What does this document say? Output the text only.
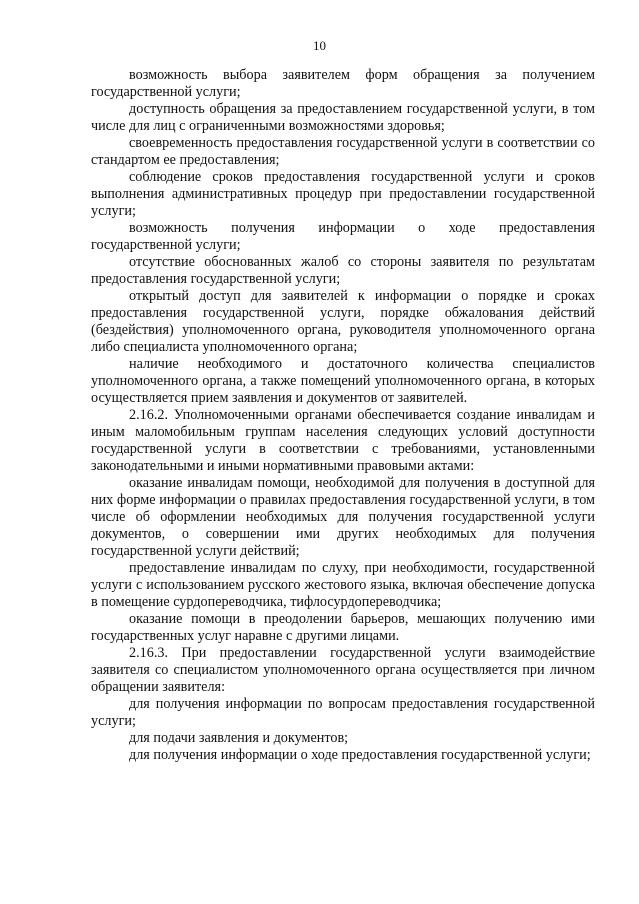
10

возможность выбора заявителем форм обращения за получением государственной услуги;

доступность обращения за предоставлением государственной услуги, в том числе для лиц с ограниченными возможностями здоровья;

своевременность предоставления государственной услуги в соответствии со стандартом ее предоставления;

соблюдение сроков предоставления государственной услуги и сроков выполнения административных процедур при предоставлении государственной услуги;

возможность получения информации о ходе предоставления государственной услуги;

отсутствие обоснованных жалоб со стороны заявителя по результатам предоставления государственной услуги;

открытый доступ для заявителей к информации о порядке и сроках предоставления государственной услуги, порядке обжалования действий (бездействия) уполномоченного органа, руководителя уполномоченного органа либо специалиста уполномоченного органа;

наличие необходимого и достаточного количества специалистов уполномоченного органа, а также помещений уполномоченного органа, в которых осуществляется прием заявления и документов от заявителей.

2.16.2. Уполномоченными органами обеспечивается создание инвалидам и иным маломобильным группам населения следующих условий доступности государственной услуги в соответствии с требованиями, установленными законодательными и иными нормативными правовыми актами:

оказание инвалидам помощи, необходимой для получения в доступной для них форме информации о правилах предоставления государственной услуги, в том числе об оформлении необходимых для получения государственной услуги документов, о совершении ими других необходимых для получения государственной услуги действий;

предоставление инвалидам по слуху, при необходимости, государственной услуги с использованием русского жестового языка, включая обеспечение допуска в помещение сурдопереводчика, тифлосурдопереводчика;

оказание помощи в преодолении барьеров, мешающих получению ими государственных услуг наравне с другими лицами.

2.16.3. При предоставлении государственной услуги взаимодействие заявителя со специалистом уполномоченного органа осуществляется при личном обращении заявителя:

для получения информации по вопросам предоставления государственной услуги;

для подачи заявления и документов;

для получения информации о ходе предоставления государственной услуги;
